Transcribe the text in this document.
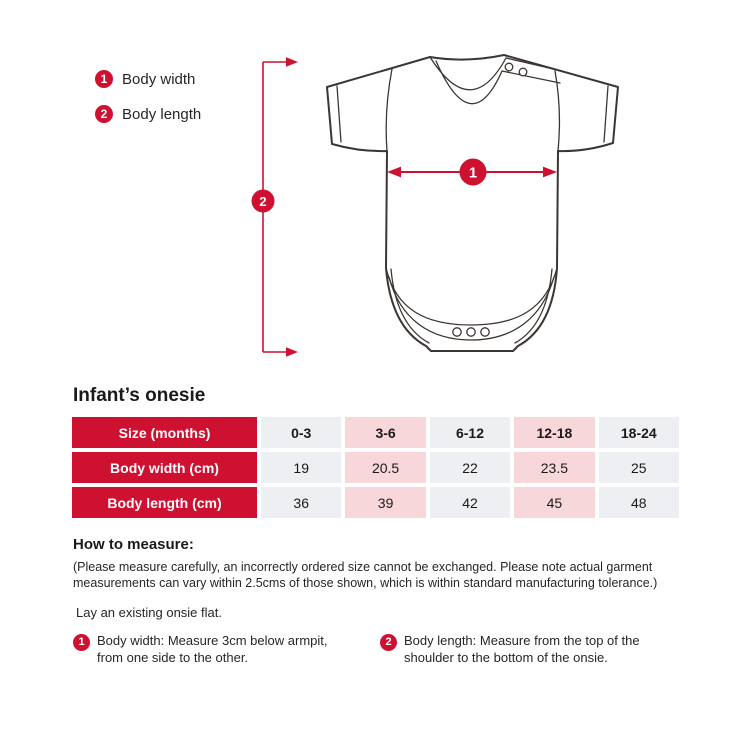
1 Body width
2 Body length
1
2
Infant’s onesie
Size (months)	0-3	3-6	6-12	12-18	18-24
Body width (cm)	19	20.5	22	23.5	25
Body length (cm)	36	39	42	45	48
How to measure:

(Please measure carefully, an incorrectly ordered size cannot be exchanged. Please note actual garment
measurements can vary within 2.5cms of those shown, which is within standard manufacturing tolerance.)

Lay an existing onsie flat.

1 Body width: Measure 3cm below armpit,
from one side to the other.
2 Body length: Measure from the top of the
shoulder to the bottom of the onsie.
